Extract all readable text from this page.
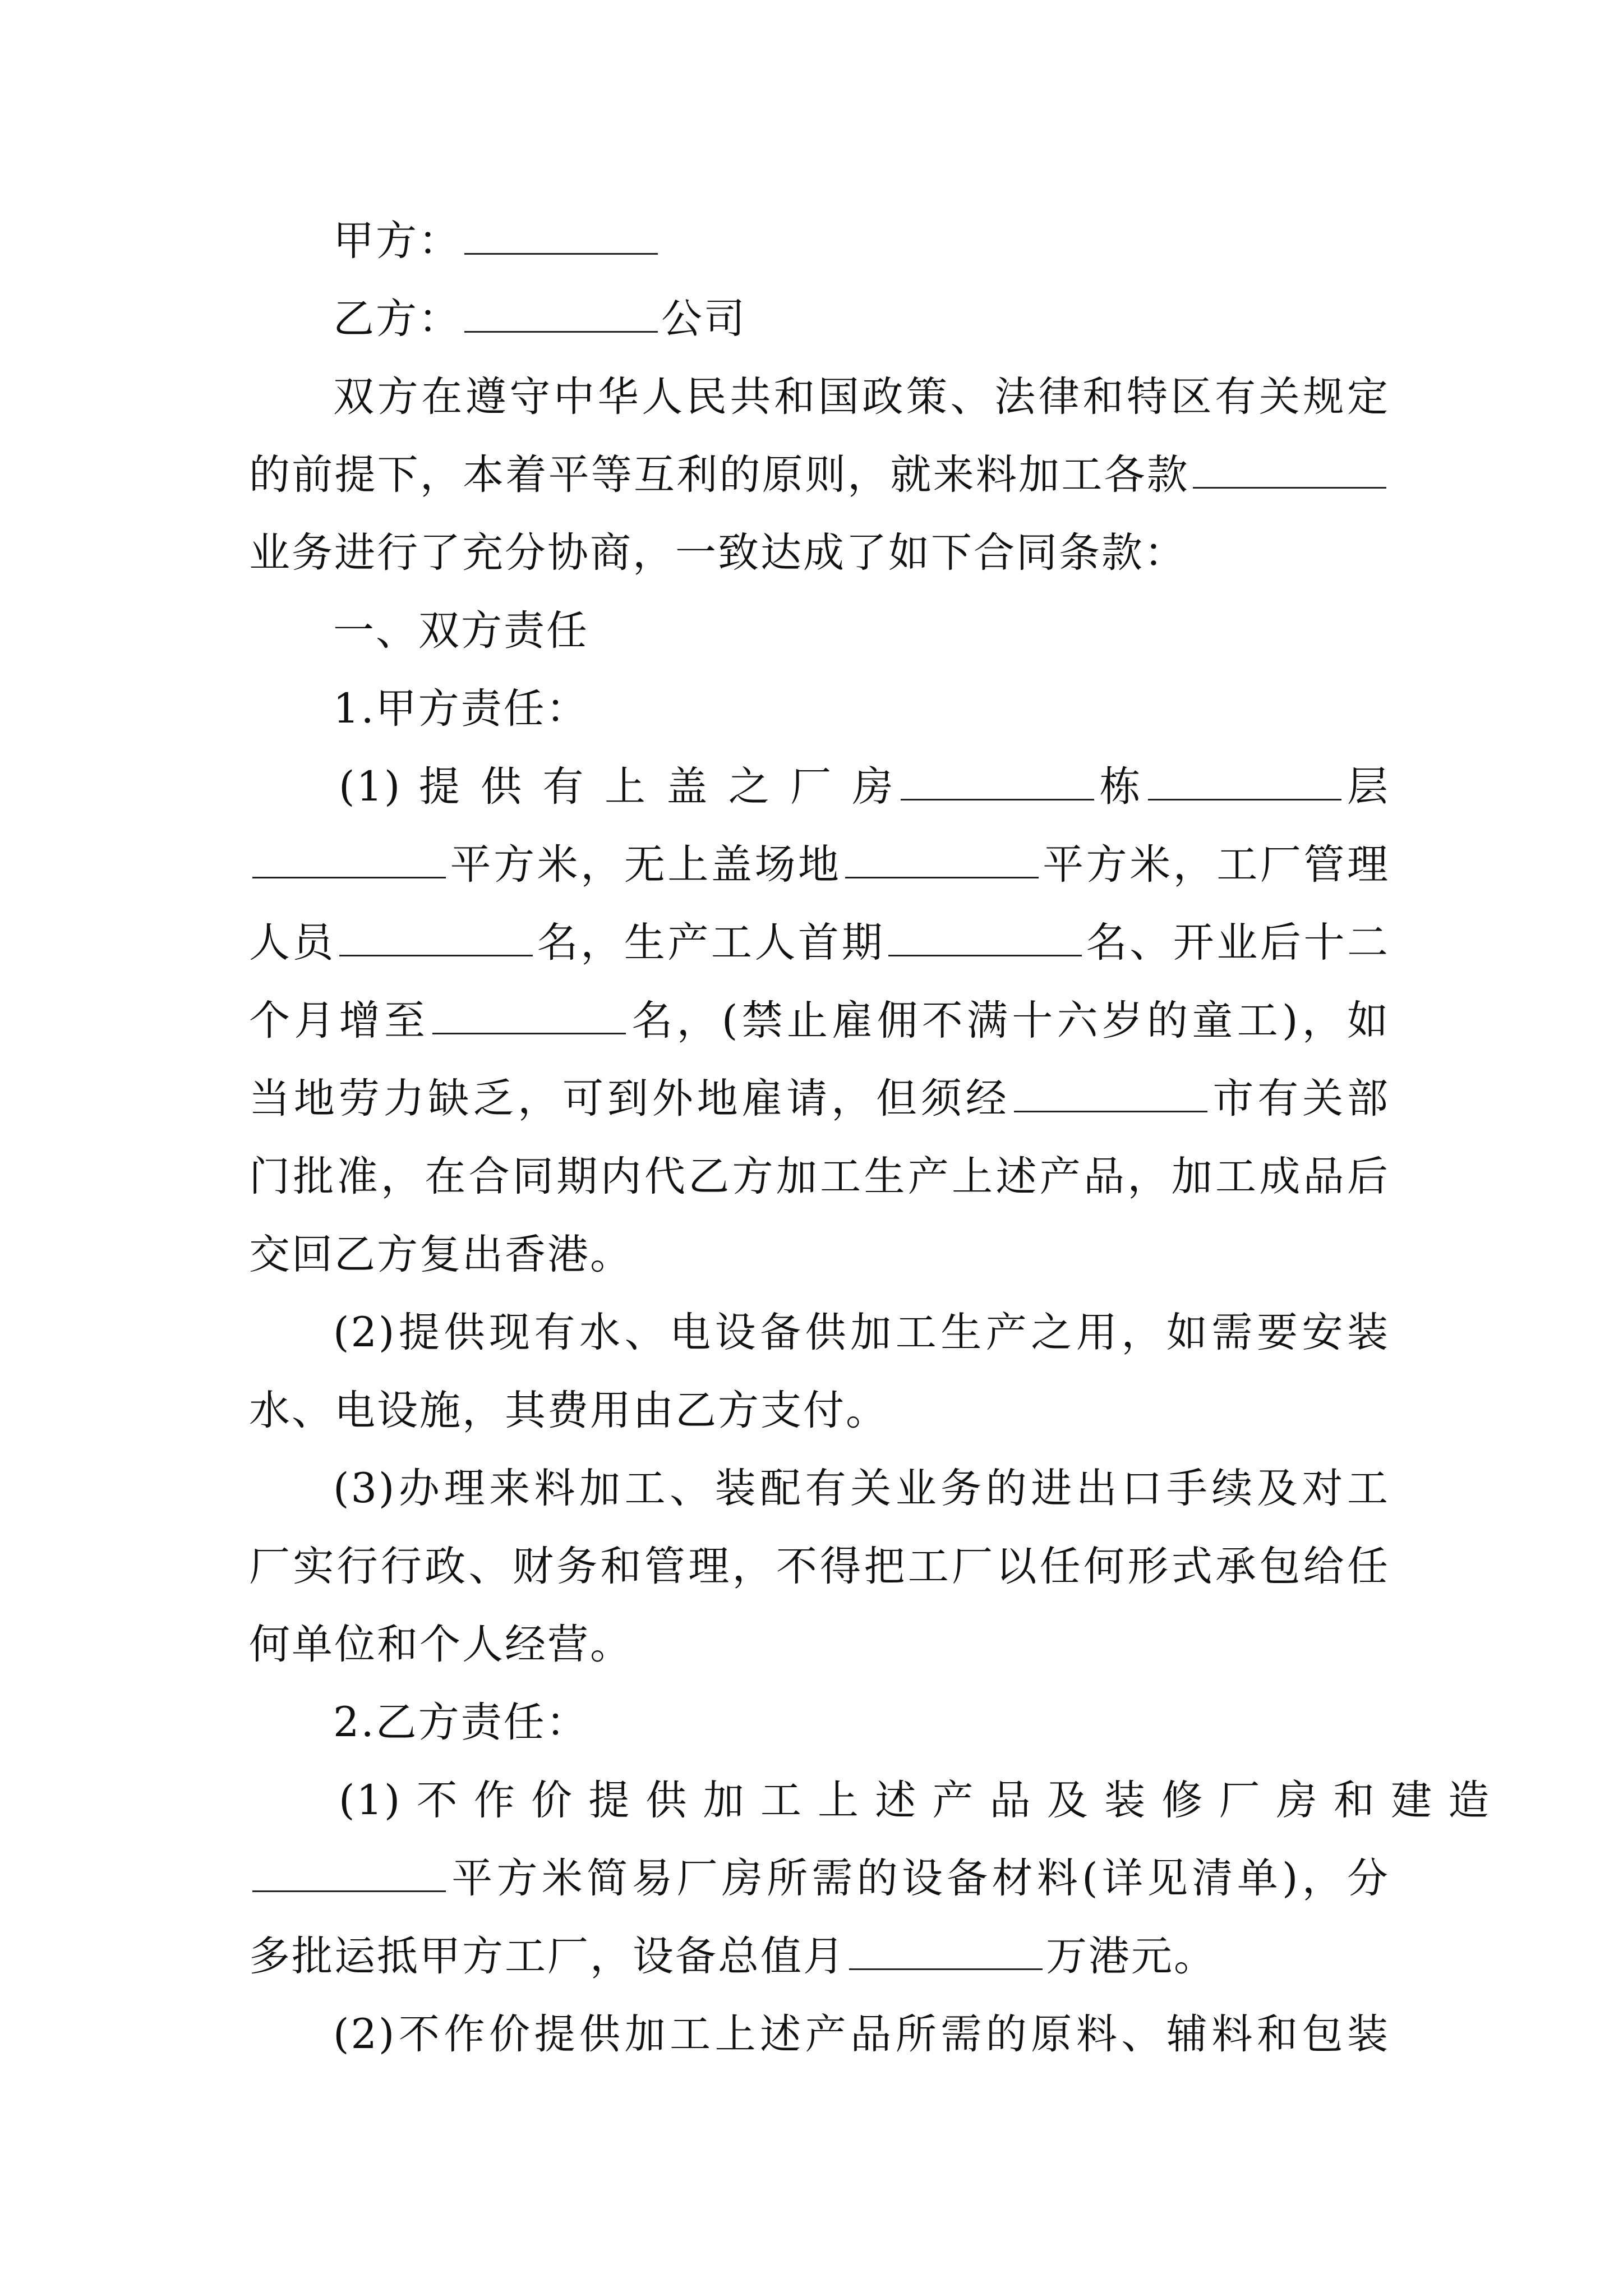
甲方：
乙方：	公司
双方在遵守中华人民共和国政策、法律和特区有关规定
的前提下，本着平等互利的原则，就来料加工各款
业务进行了充分协商，一致达成了如下合同条款：
一、双方责任
1.甲方责任：
(1) 提 供 有 上 盖 之 厂 房	栋	层
平方米，无上盖场地	平方米，工厂管理
人员	名，生产工人首期	名、开业后十二
个月增至	名，(禁止雇佣不满十六岁的童工)，如
当地劳力缺乏，可到外地雇请，但须经	市有关部
门批准，在合同期内代乙方加工生产上述产品，加工成品后
交回乙方复出香港。
(2)提供现有水、电设备供加工生产之用，如需要安装
水、电设施，其费用由乙方支付。
(3)办理来料加工、装配有关业务的进出口手续及对工
厂实行行政、财务和管理，不得把工厂以任何形式承包给任
何单位和个人经营。
2.乙方责任：
(1) 不 作 价 提 供 加 工 上 述 产 品 及 装 修 厂 房 和 建 造
平方米简易厂房所需的设备材料(详见清单)，分
多批运抵甲方工厂，设备总值月	万港元。
(2)不作价提供加工上述产品所需的原料、辅料和包装
